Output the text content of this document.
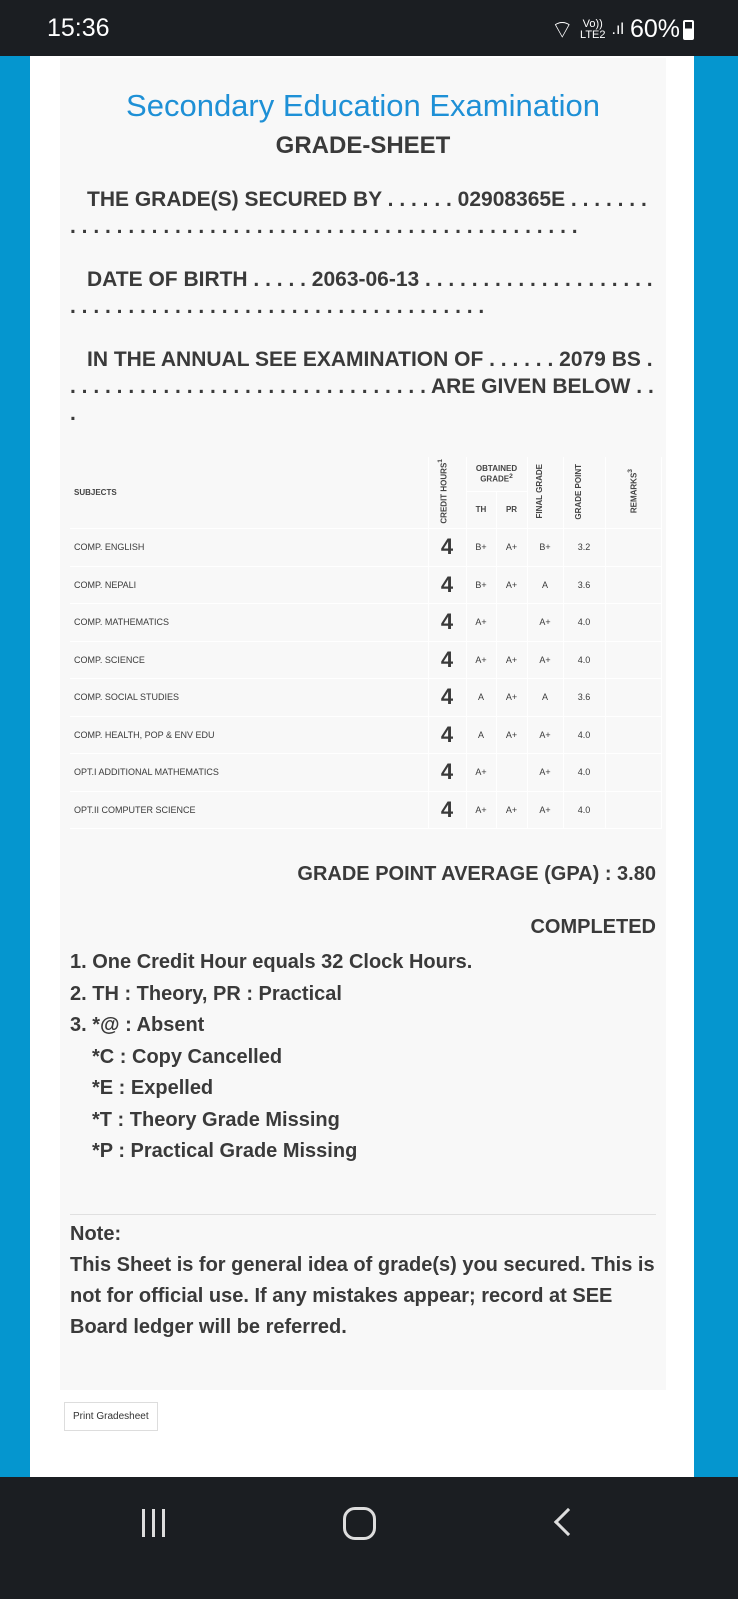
15:36	⌔ Vo))
LTE2 .ıl 60%
Secondary Education Examination
GRADE-SHEET
THE GRADE(S) SECURED BY . . . . . . 02908365E . . . . . . . . . . . . . . . . . . . . . . . . . . . . . . . . . . . . . . . . . . . . . . . . . . .
DATE OF BIRTH . . . . . 2063-06-13 . . . . . . . . . . . . . . . . . . . . . . . . . . . . . . . . . . . . . . . . . . . . . . . . . . . . . . . .
IN THE ANNUAL SEE EXAMINATION OF . . . . . . 2079 BS . . . . . . . . . . . . . . . . . . . . . . . . . . . . . . . . ARE GIVEN BELOW . . .
SUBJECTS	CREDIT HOURS$^1$	OBTAINED GRADE$^2$		FINAL GRADE	GRADE POINT	REMARKS$^3$
		TH	PR			
COMP. ENGLISH	4	B+	A+	B+	3.2	
COMP. NEPALI	4	B+	A+	A	3.6	
COMP. MATHEMATICS	4	A+		A+	4.0	
COMP. SCIENCE	4	A+	A+	A+	4.0	
COMP. SOCIAL STUDIES	4	A	A+	A	3.6	
COMP. HEALTH, POP & ENV EDU	4	A	A+	A+	4.0	
OPT.I ADDITIONAL MATHEMATICS	4	A+		A+	4.0	
OPT.II COMPUTER SCIENCE	4	A+	A+	A+	4.0	
GRADE POINT AVERAGE (GPA) : 3.80
COMPLETED
1. One Credit Hour equals 32 Clock Hours.
2. TH : Theory, PR : Practical
3. *@ : Absent
*C : Copy Cancelled
*E : Expelled
*T : Theory Grade Missing
*P : Practical Grade Missing
Note:
This Sheet is for general idea of grade(s) you secured. This is not for official use. If any mistakes appear; record at SEE Board ledger will be referred.
Print Gradesheet
